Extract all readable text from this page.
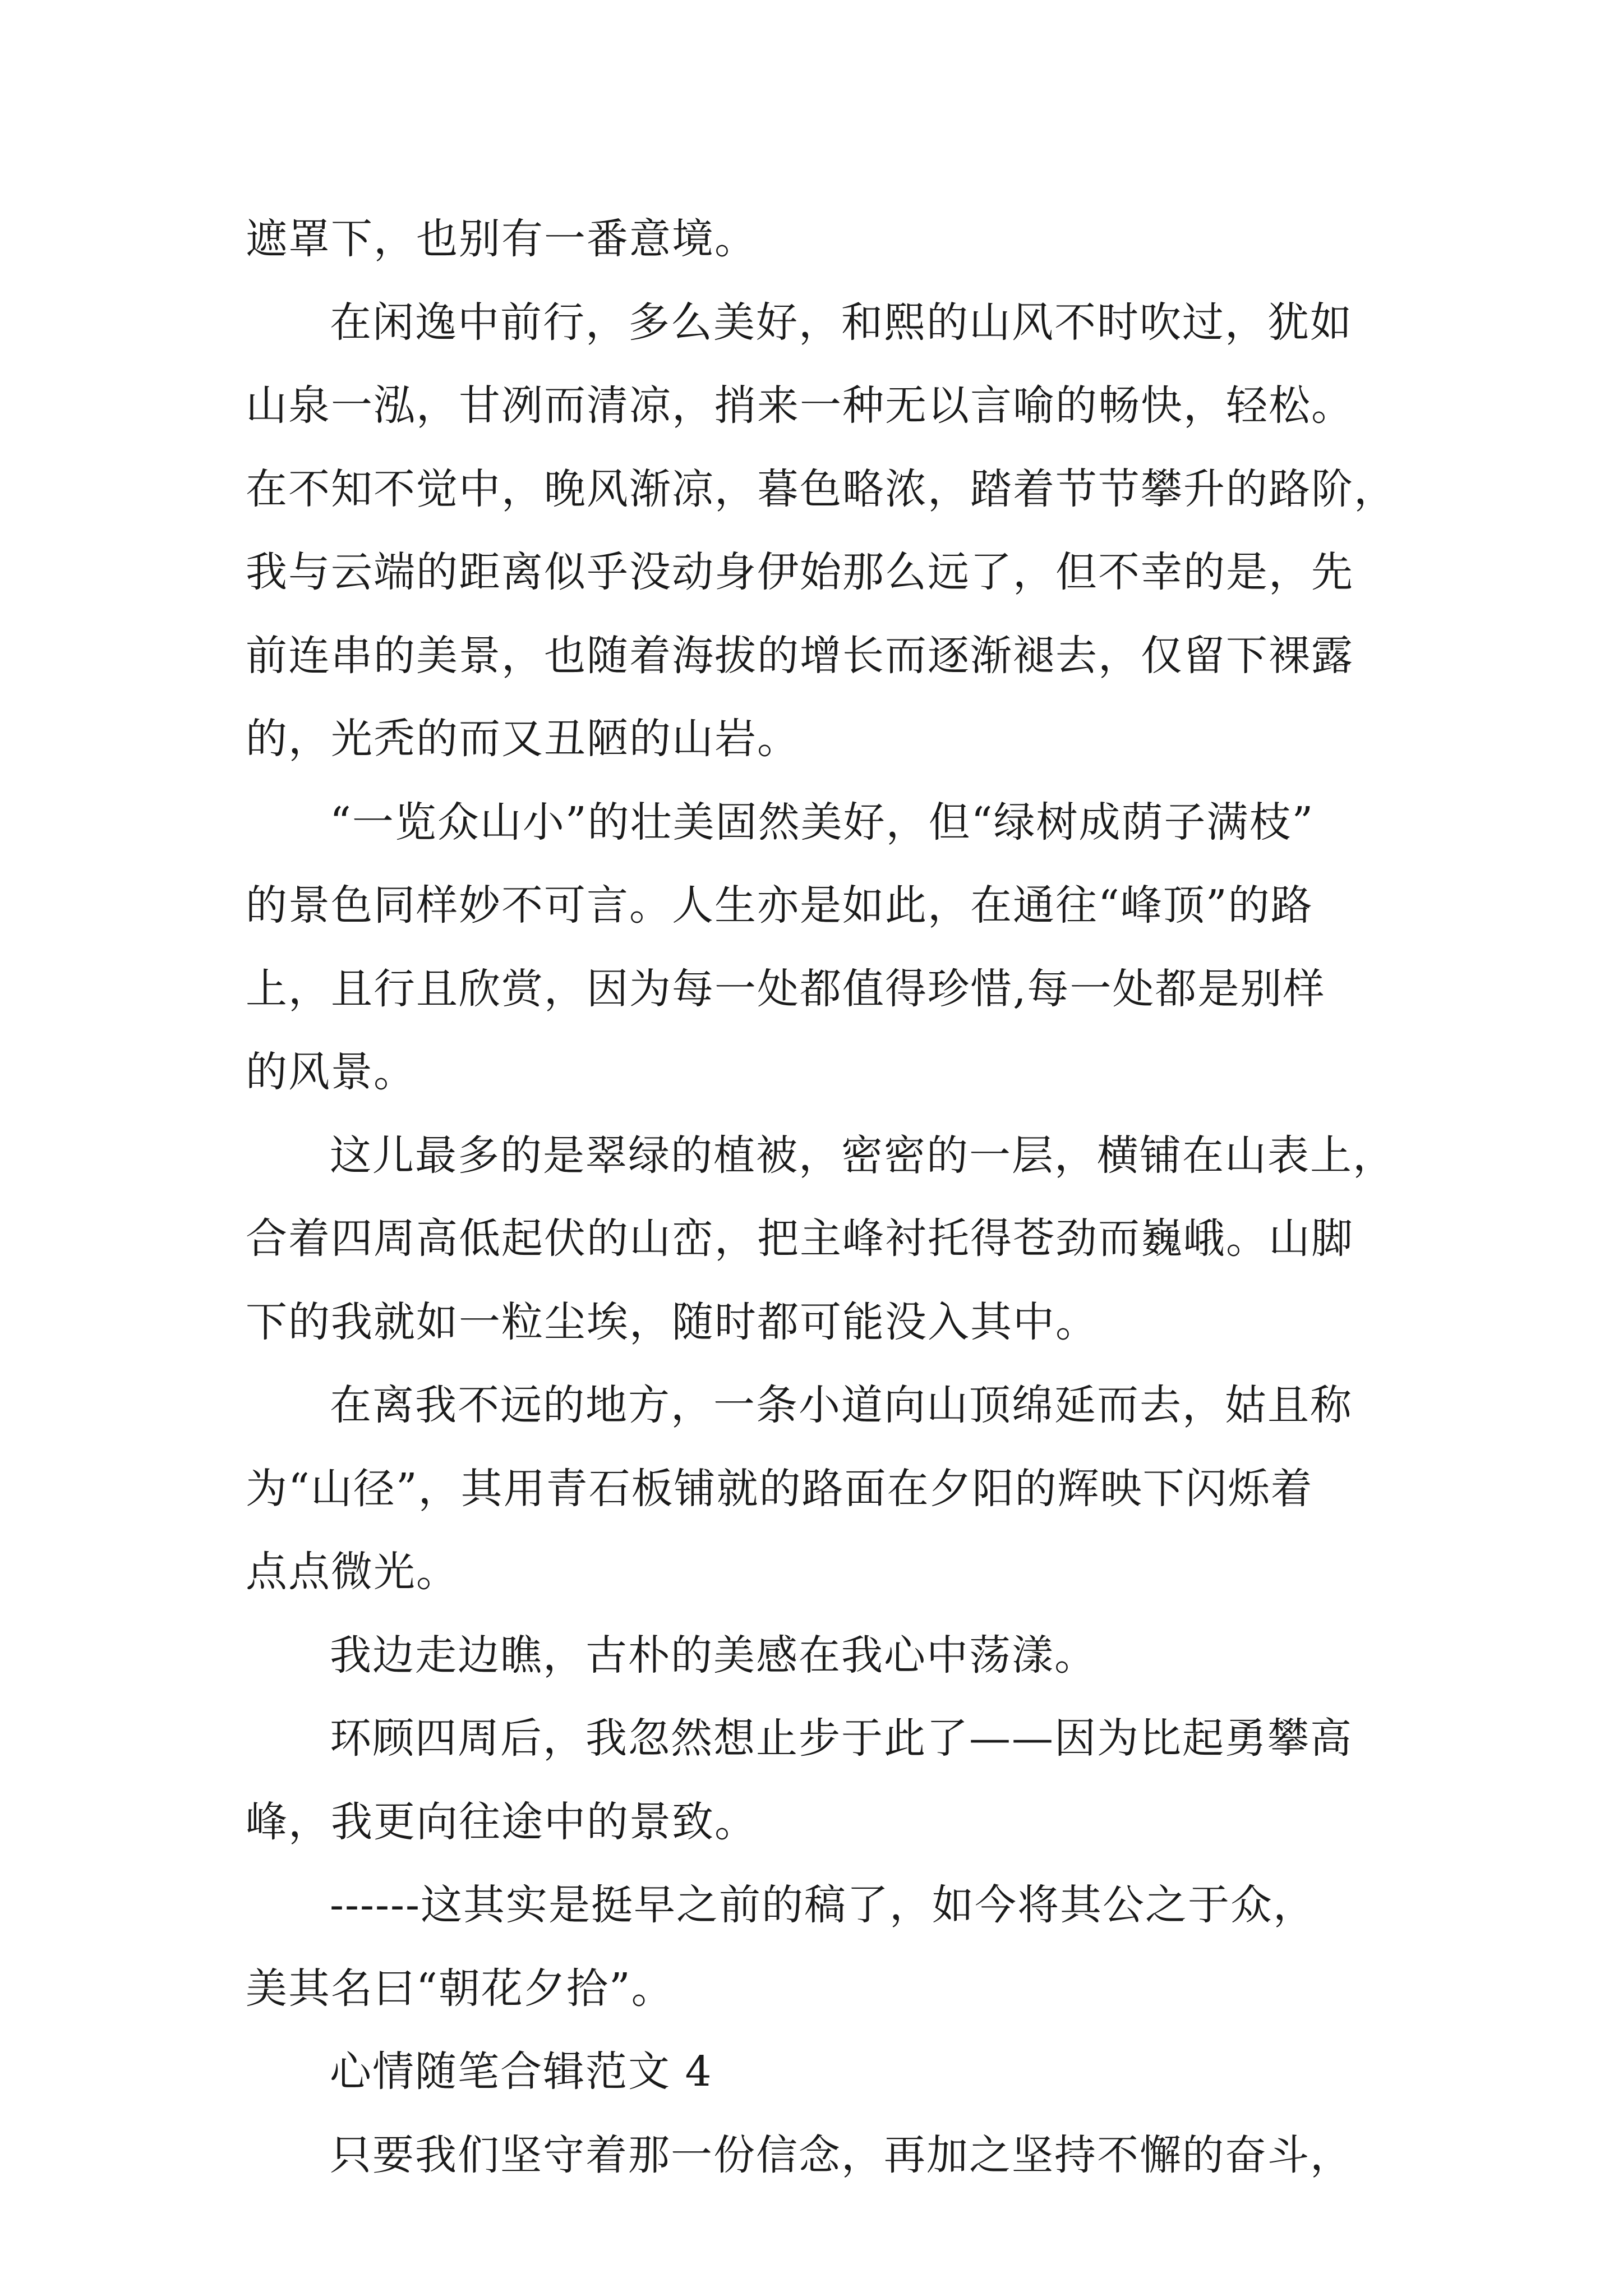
遮罩下，也别有一番意境。
在闲逸中前行，多么美好，和熙的山风不时吹过，犹如
山泉一泓，甘冽而清凉，捎来一种无以言喻的畅快，轻松。
在不知不觉中，晚风渐凉，暮色略浓，踏着节节攀升的路阶，
我与云端的距离似乎没动身伊始那么远了，但不幸的是，先
前连串的美景，也随着海拔的增长而逐渐褪去，仅留下裸露
的，光秃的而又丑陋的山岩。
“一览众山小”的壮美固然美好，但“绿树成荫子满枝”
的景色同样妙不可言。人生亦是如此，在通往“峰顶”的路
上，且行且欣赏，因为每一处都值得珍惜,每一处都是别样
的风景。
这儿最多的是翠绿的植被，密密的一层，横铺在山表上，
合着四周高低起伏的山峦，把主峰衬托得苍劲而巍峨。山脚
下的我就如一粒尘埃，随时都可能没入其中。
在离我不远的地方，一条小道向山顶绵延而去，姑且称
为“山径”，其用青石板铺就的路面在夕阳的辉映下闪烁着
点点微光。
我边走边瞧，古朴的美感在我心中荡漾。
环顾四周后，我忽然想止步于此了——因为比起勇攀高
峰，我更向往途中的景致。
------这其实是挺早之前的稿了，如今将其公之于众，
美其名曰“朝花夕拾”。
心情随笔合辑范文 4
只要我们坚守着那一份信念，再加之坚持不懈的奋斗，
